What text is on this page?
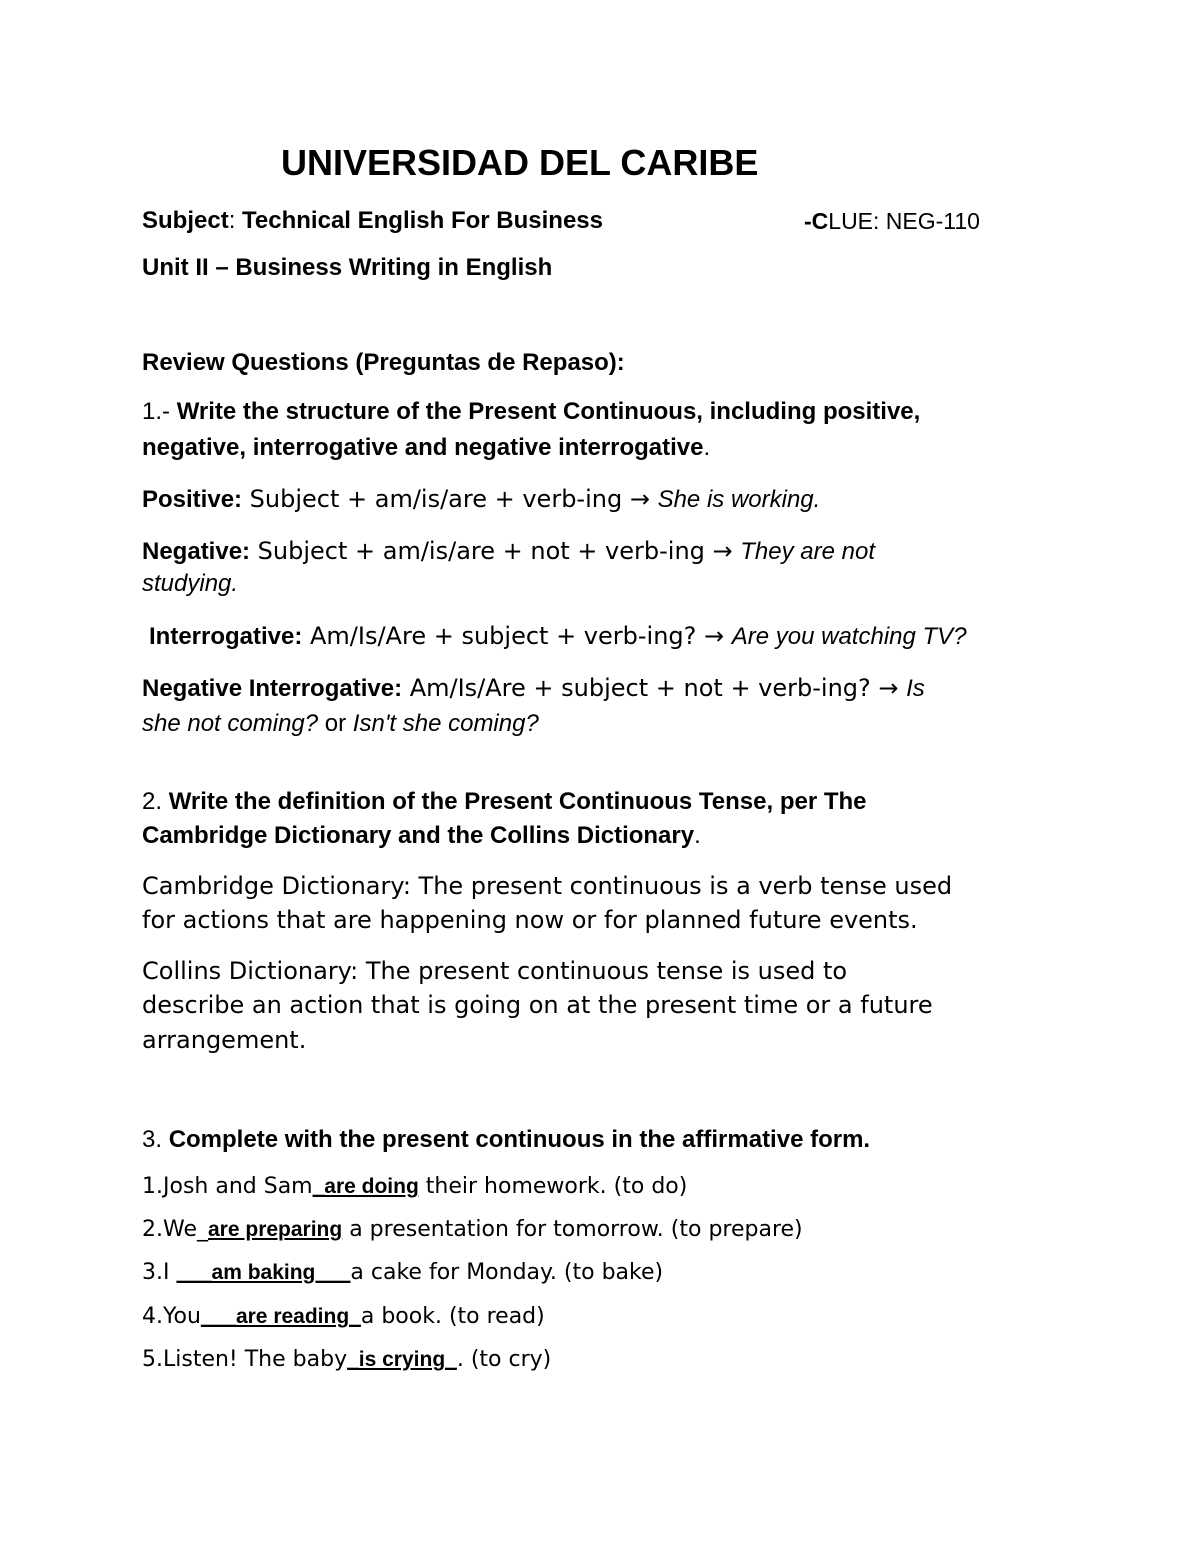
UNIVERSIDAD DEL CARIBE
Subject: Technical English For Business	-CLUE: NEG-110
Unit II – Business Writing in English
Review Questions (Preguntas de Repaso):
1.- Write the structure of the Present Continuous, including positive,
negative, interrogative and negative interrogative.
Positive: Subject + am/is/are + verb-ing → She is working.
Negative: Subject + am/is/are + not + verb-ing → They are not
studying.
Interrogative: Am/Is/Are + subject + verb-ing? → Are you watching TV?
Negative Interrogative: Am/Is/Are + subject + not + verb-ing? → Is
she not coming? or Isn't she coming?
2. Write the definition of the Present Continuous Tense, per The
Cambridge Dictionary and the Collins Dictionary.
Cambridge Dictionary: The present continuous is a verb tense used
for actions that are happening now or for planned future events.
Collins Dictionary: The present continuous tense is used to
describe an action that is going on at the present time or a future
arrangement.
3. Complete with the present continuous in the affirmative form.
1.Josh and Sam_are doing their homework. (to do)
2.We_are preparing a presentation for tomorrow. (to prepare)
3.I ___am baking___a cake for Monday. (to bake)
4.You___are reading_a book. (to read)
5.Listen! The baby_is crying_. (to cry)
